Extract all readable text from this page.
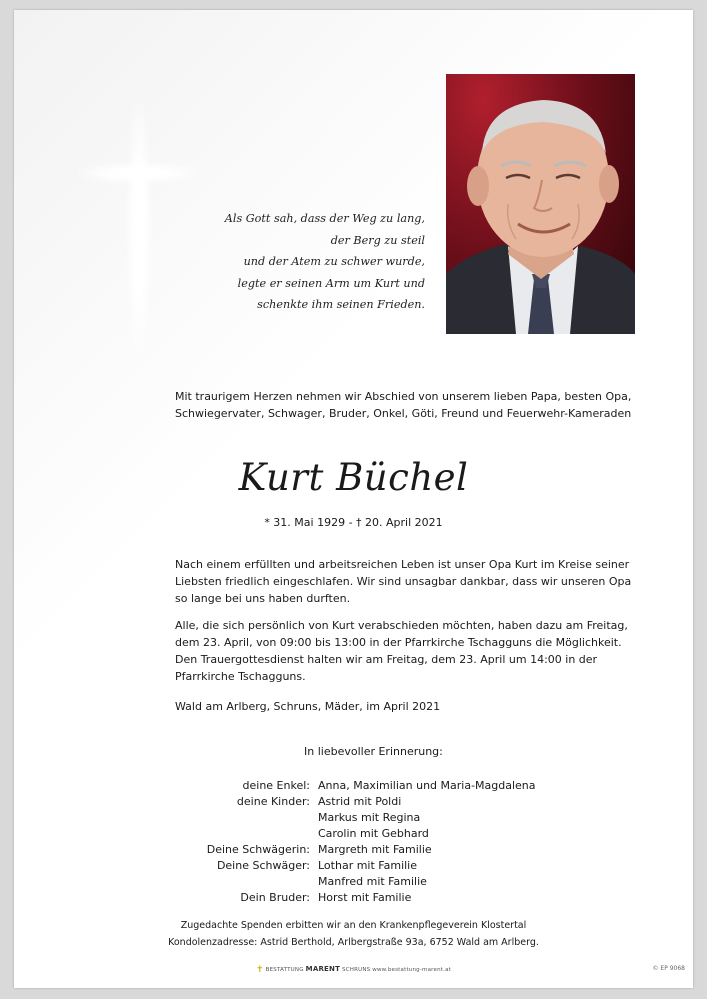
Als Gott sah, dass der Weg zu lang,
der Berg zu steil
und der Atem zu schwer wurde,
legte er seinen Arm um Kurt und
schenkte ihm seinen Frieden.
Mit traurigem Herzen nehmen wir Abschied von unserem lieben Papa, besten Opa, Schwiegervater, Schwager, Bruder, Onkel, Göti, Freund und Feuerwehr-Kameraden
Kurt Büchel
* 31. Mai 1929 - † 20. April 2021
Nach einem erfüllten und arbeitsreichen Leben ist unser Opa Kurt im Kreise seiner Liebsten friedlich eingeschlafen. Wir sind unsagbar dankbar, dass wir unseren Opa so lange bei uns haben durften.
Alle, die sich persönlich von Kurt verabschieden möchten, haben dazu am Freitag, dem 23. April, von 09:00 bis 13:00 in der Pfarrkirche Tschagguns die Möglichkeit. Den Trauergottesdienst halten wir am Freitag, dem 23. April um 14:00 in der Pfarrkirche Tschagguns.
Wald am Arlberg, Schruns, Mäder, im April 2021
In liebevoller Erinnerung:
deine Enkel: Anna, Maximilian und Maria-Magdalena
deine Kinder: Astrid mit Poldi
Markus mit Regina
Carolin mit Gebhard
Deine Schwägerin: Margreth mit Familie
Deine Schwäger: Lothar mit Familie
Manfred mit Familie
Dein Bruder: Horst mit Familie
Zugedachte Spenden erbitten wir an den Krankenpflegeverein Klostertal
Kondolenzadresse: Astrid Berthold, Arlbergstraße 93a, 6752 Wald am Arlberg.
✝ BESTATTUNG MARENT SCHRUNS www.bestattung-marent.at	© EP 9068
